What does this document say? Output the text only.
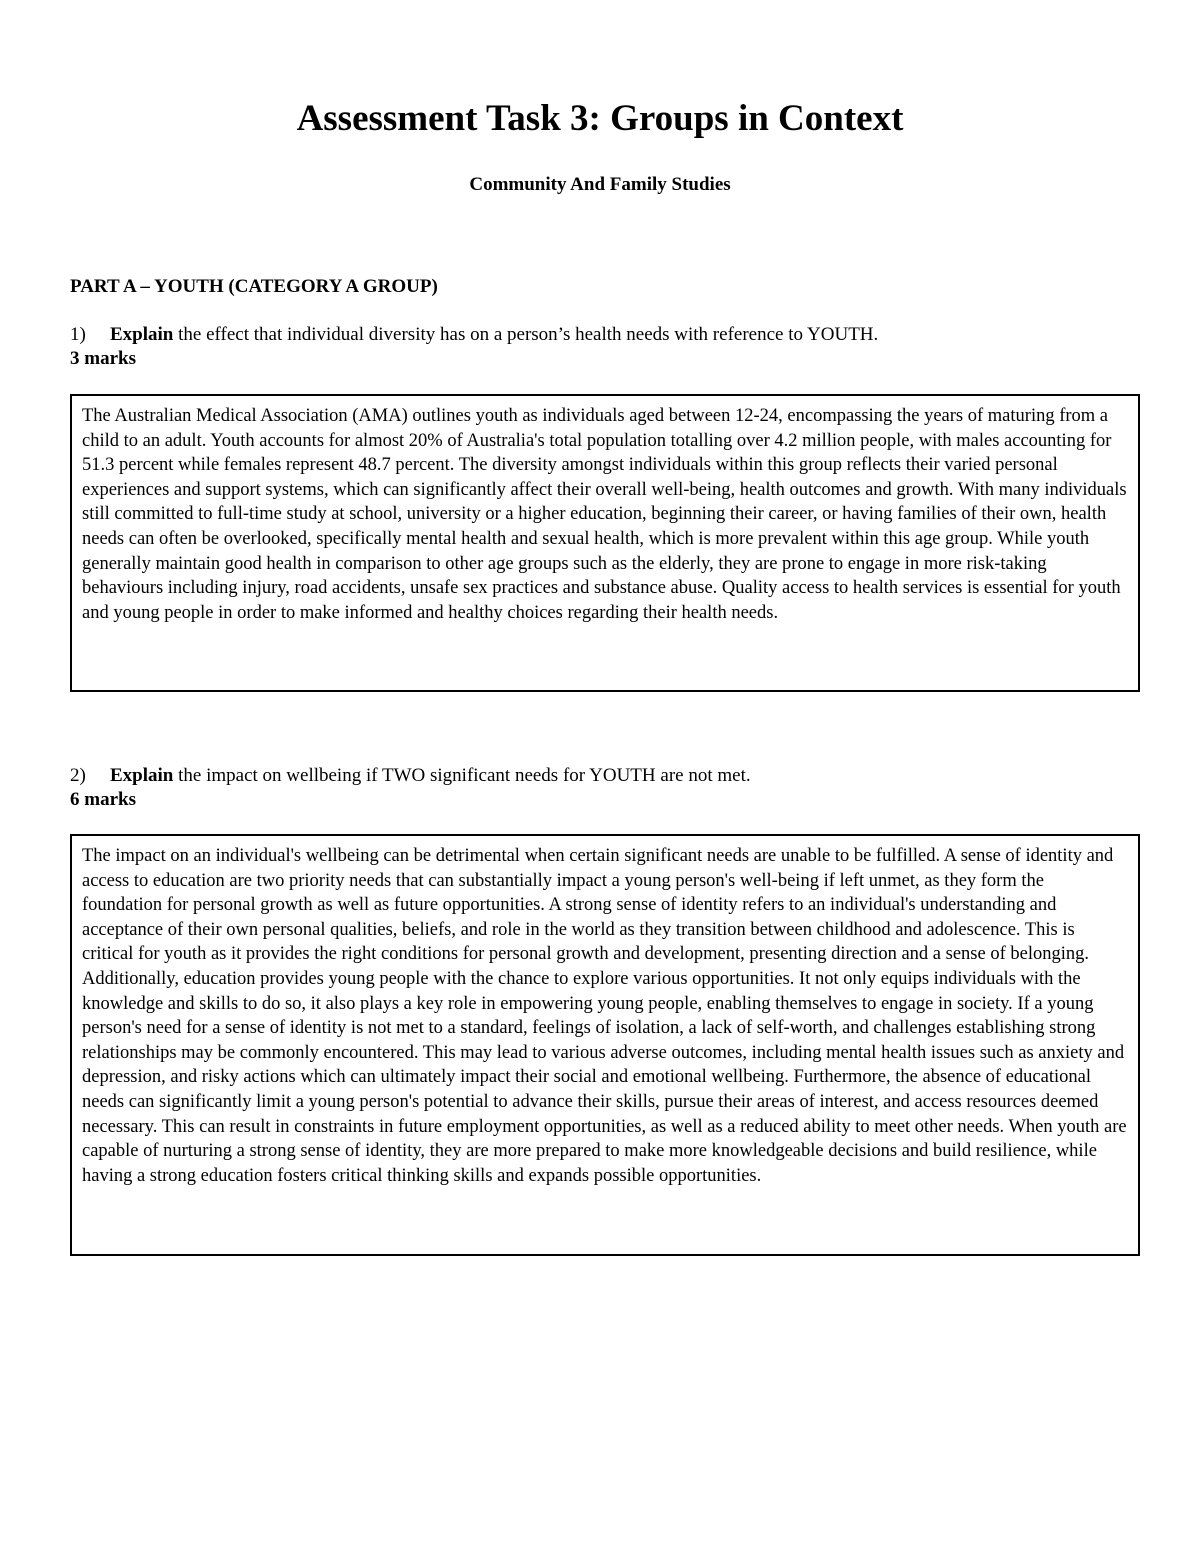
Assessment Task 3: Groups in Context
Community And Family Studies
PART A – YOUTH (CATEGORY A GROUP)

1) Explain the effect that individual diversity has on a person’s health needs with reference to YOUTH.
3 marks

The Australian Medical Association (AMA) outlines youth as individuals aged between 12-24, encompassing the years of maturing from a child to an adult. Youth accounts for almost 20% of Australia's total population totalling over 4.2 million people, with males accounting for 51.3 percent while females represent 48.7 percent. The diversity amongst individuals within this group reflects their varied personal experiences and support systems, which can significantly affect their overall well-being, health outcomes and growth. With many individuals still committed to full-time study at school, university or a higher education, beginning their career, or having families of their own, health needs can often be overlooked, specifically mental health and sexual health, which is more prevalent within this age group. While youth generally maintain good health in comparison to other age groups such as the elderly, they are prone to engage in more risk-taking behaviours including injury, road accidents, unsafe sex practices and substance abuse. Quality access to health services is essential for youth and young people in order to make informed and healthy choices regarding their health needs.

2) Explain the impact on wellbeing if TWO significant needs for YOUTH are not met.
6 marks

The impact on an individual's wellbeing can be detrimental when certain significant needs are unable to be fulfilled. A sense of identity and access to education are two priority needs that can substantially impact a young person's well-being if left unmet, as they form the foundation for personal growth as well as future opportunities. A strong sense of identity refers to an individual's understanding and acceptance of their own personal qualities, beliefs, and role in the world as they transition between childhood and adolescence. This is critical for youth as it provides the right conditions for personal growth and development, presenting direction and a sense of belonging. Additionally, education provides young people with the chance to explore various opportunities. It not only equips individuals with the knowledge and skills to do so, it also plays a key role in empowering young people, enabling themselves to engage in society. If a young person's need for a sense of identity is not met to a standard, feelings of isolation, a lack of self-worth, and challenges establishing strong relationships may be commonly encountered. This may lead to various adverse outcomes, including mental health issues such as anxiety and depression, and risky actions which can ultimately impact their social and emotional wellbeing. Furthermore, the absence of educational needs can significantly limit a young person's potential to advance their skills, pursue their areas of interest, and access resources deemed necessary. This can result in constraints in future employment opportunities, as well as a reduced ability to meet other needs. When youth are capable of nurturing a strong sense of identity, they are more prepared to make more knowledgeable decisions and build resilience, while having a strong education fosters critical thinking skills and expands possible opportunities.
